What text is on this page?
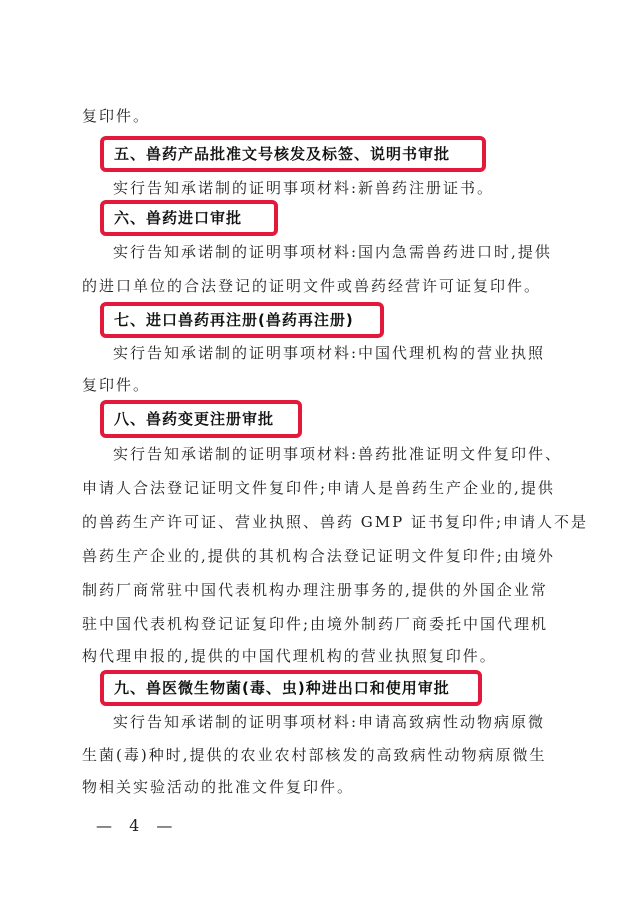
复印件。
五、兽药产品批准文号核发及标签、说明书审批
实行告知承诺制的证明事项材料:新兽药注册证书。
六、兽药进口审批
实行告知承诺制的证明事项材料:国内急需兽药进口时,提供
的进口单位的合法登记的证明文件或兽药经营许可证复印件。
七、进口兽药再注册(兽药再注册)
实行告知承诺制的证明事项材料:中国代理机构的营业执照
复印件。
八、兽药变更注册审批
实行告知承诺制的证明事项材料:兽药批准证明文件复印件、
申请人合法登记证明文件复印件;申请人是兽药生产企业的,提供
的兽药生产许可证、营业执照、兽药 GMP 证书复印件;申请人不是
兽药生产企业的,提供的其机构合法登记证明文件复印件;由境外
制药厂商常驻中国代表机构办理注册事务的,提供的外国企业常
驻中国代表机构登记证复印件;由境外制药厂商委托中国代理机
构代理申报的,提供的中国代理机构的营业执照复印件。
九、兽医微生物菌(毒、虫)种进出口和使用审批
实行告知承诺制的证明事项材料:申请高致病性动物病原微
生菌(毒)种时,提供的农业农村部核发的高致病性动物病原微生
物相关实验活动的批准文件复印件。
— 4 —
